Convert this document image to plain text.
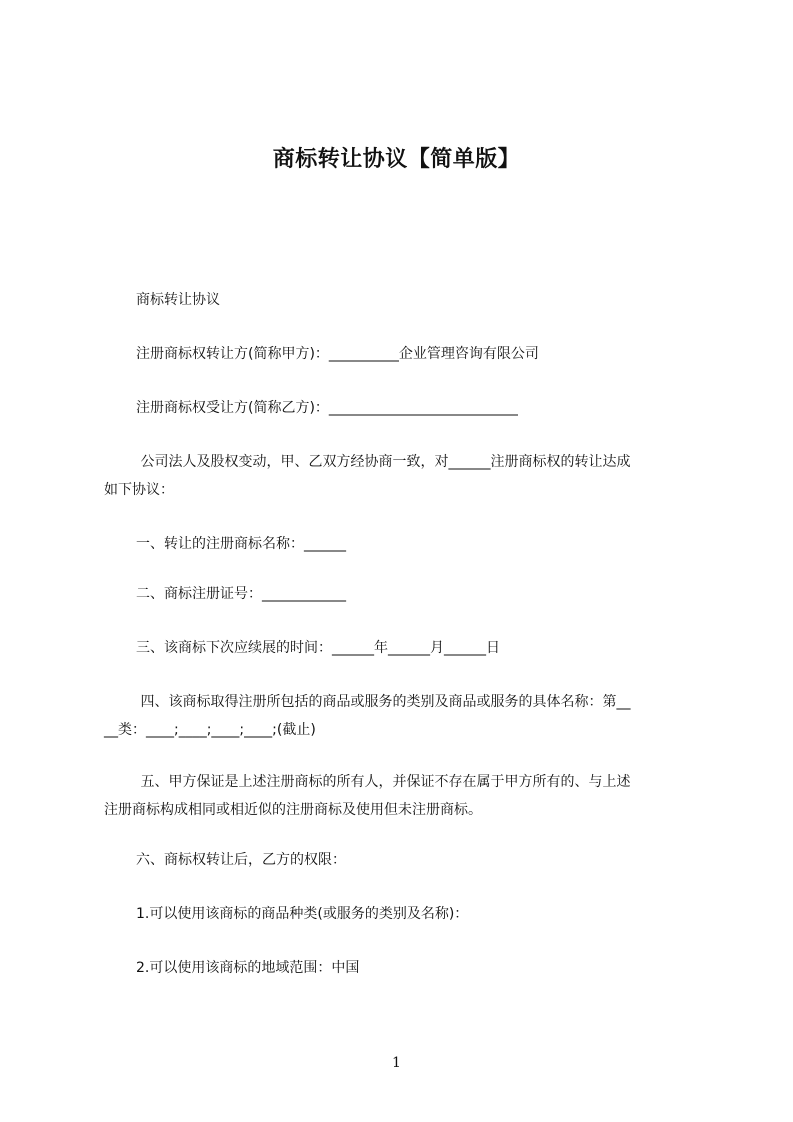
商标转让协议【简单版】

商标转让协议

注册商标权转让方(简称甲方)：__________企业管理咨询有限公司

注册商标权受让方(简称乙方)：___________________________

公司法人及股权变动，甲、乙双方经协商一致，对______注册商标权的转让达成

如下协议：

一、转让的注册商标名称：______

二、商标注册证号：____________

三、该商标下次应续展的时间：______年______月______日

四、该商标取得注册所包括的商品或服务的类别及商品或服务的具体名称：第__

__类：____;____;____;____;(截止)

五、甲方保证是上述注册商标的所有人，并保证不存在属于甲方所有的、与上述

注册商标构成相同或相近似的注册商标及使用但未注册商标。

六、商标权转让后，乙方的权限：

1.可以使用该商标的商品种类(或服务的类别及名称)：

2.可以使用该商标的地域范围：中国

1
